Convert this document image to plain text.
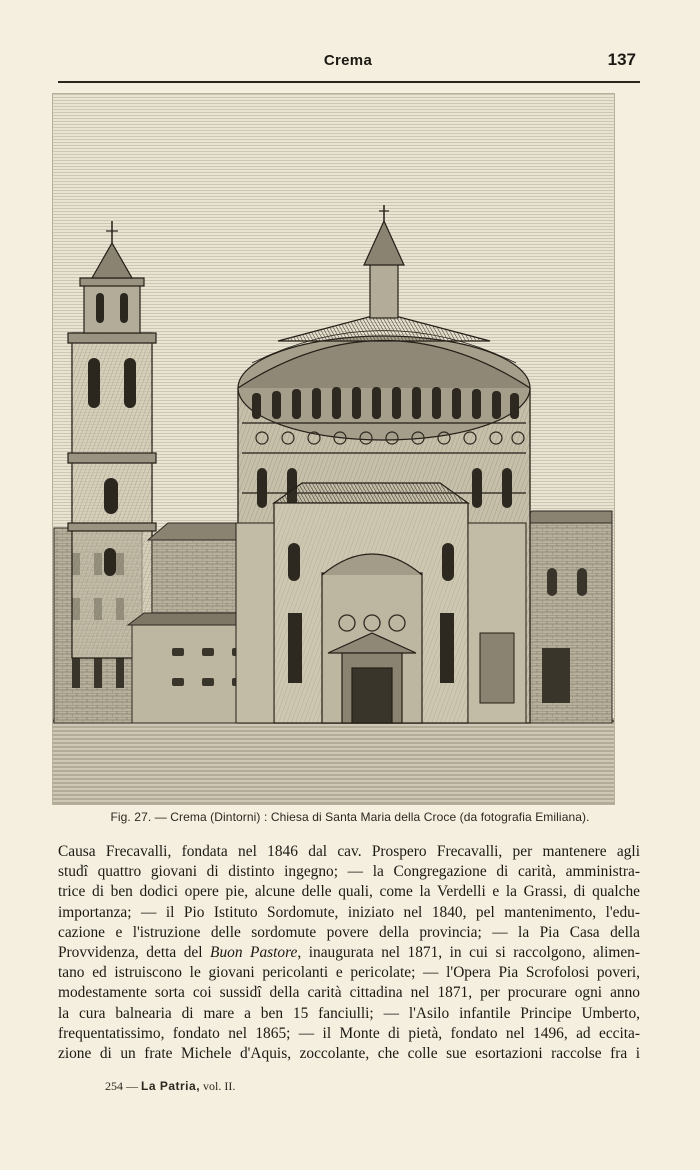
Crema	137
Fig. 27. — Crema (Dintorni) : Chiesa di Santa Maria della Croce (da fotografia Emiliana).
Causa Frecavalli, fondata nel 1846 dal cav. Prospero Frecavalli, per mantenere agli
studî quattro giovani di distinto ingegno; — la Congregazione di carità, amministra-
trice di ben dodici opere pie, alcune delle quali, come la Verdelli e la Grassi, di qualche
importanza; — il Pio Istituto Sordomute, iniziato nel 1840, pel mantenimento, l'edu-
cazione e l'istruzione delle sordomute povere della provincia; — la Pia Casa della
Provvidenza, detta del Buon Pastore, inaugurata nel 1871, in cui si raccolgono, alimen-
tano ed istruiscono le giovani pericolanti e pericolate; — l'Opera Pia Scrofolosi poveri,
modestamente sorta coi sussidî della carità cittadina nel 1871, per procurare ogni anno
la cura balnearia di mare a ben 15 fanciulli; — l'Asilo infantile Principe Umberto,
frequentatissimo, fondato nel 1865; — il Monte di pietà, fondato nel 1496, ad eccita-
zione di un frate Michele d'Aquis, zoccolante, che colle sue esortazioni raccolse fra i
254 — La Patria, vol. II.
